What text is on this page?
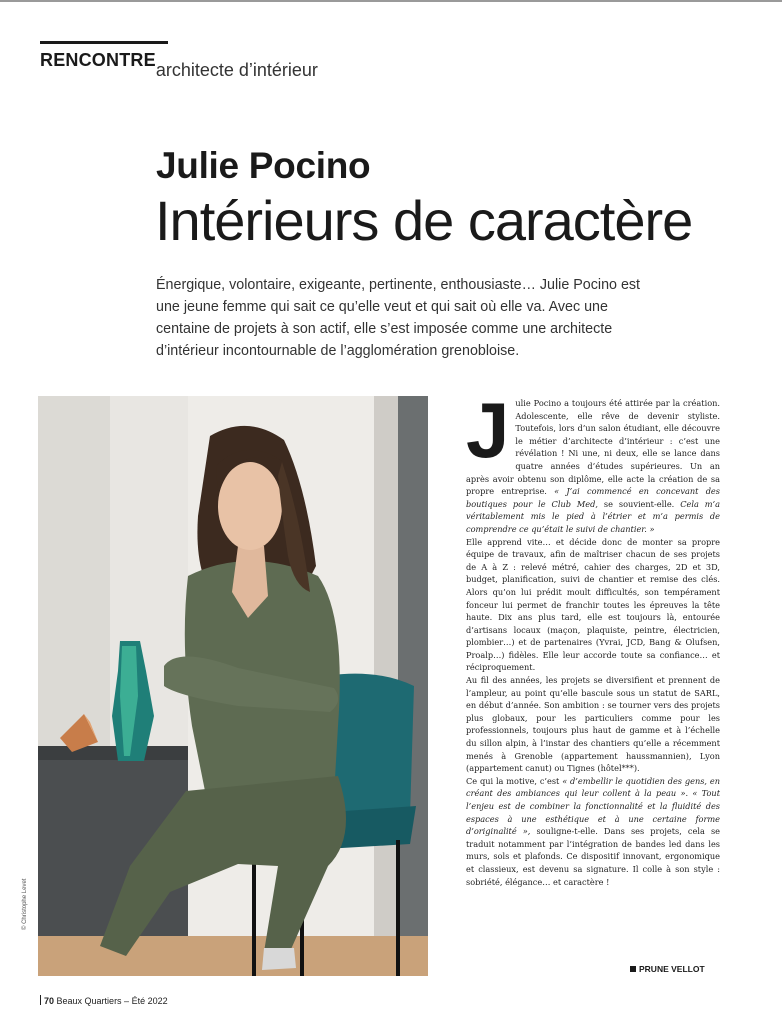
RENCONTREarchitecte d’intérieur
Julie Pocino
Intérieurs de caractère
Énergique, volontaire, exigeante, pertinente, enthousiaste… Julie Pocino est une jeune femme qui sait ce qu’elle veut et qui sait où elle va. Avec une centaine de projets à son actif, elle s’est imposée comme une architecte d’intérieur incontournable de l’agglomération grenobloise.
© Christophe Levet

Julie Pocino a toujours été attirée par la création. Adolescente, elle rêve de devenir styliste. Toutefois, lors d’un salon étudiant, elle découvre le métier d’architecte d’intérieur : c’est une révélation ! Ni une, ni deux, elle se lance dans quatre années d’études supérieures. Un an après avoir obtenu son diplôme, elle acte la création de sa propre entreprise. « J’ai commencé en concevant des boutiques pour le Club Med, se souvient-elle. Cela m’a véritablement mis le pied à l’étrier et m’a permis de comprendre ce qu’était le suivi de chantier. »

Elle apprend vite… et décide donc de monter sa propre équipe de travaux, afin de maîtriser chacun de ses projets de A à Z : relevé métré, cahier des charges, 2D et 3D, budget, planification, suivi de chantier et remise des clés. Alors qu’on lui prédit moult difficultés, son tempérament fonceur lui permet de franchir toutes les épreuves la tête haute. Dix ans plus tard, elle est toujours là, entourée d’artisans locaux (maçon, plaquiste, peintre, électricien, plombier…) et de partenaires (Yvrai, JCD, Bang & Olufsen, Proalp…) fidèles. Elle leur accorde toute sa confiance… et réciproquement.

Au fil des années, les projets se diversifient et prennent de l’ampleur, au point qu’elle bascule sous un statut de SARL, en début d’année. Son ambition : se tourner vers des projets plus globaux, pour les particuliers comme pour les professionnels, toujours plus haut de gamme et à l’échelle du sillon alpin, à l’instar des chantiers qu’elle a récemment menés à Grenoble (appartement haussmannien), Lyon (appartement canut) ou Tignes (hôtel***).

Ce qui la motive, c’est « d’embellir le quotidien des gens, en créant des ambiances qui leur collent à la peau ». « Tout l’enjeu est de combiner la fonctionnalité et la fluidité des espaces à une esthétique et à une certaine forme d’originalité », souligne-t-elle. Dans ses projets, cela se traduit notamment par l’intégration de bandes led dans les murs, sols et plafonds. Ce dispositif innovant, ergonomique et classieux, est devenu sa signature. Il colle à son style : sobriété, élégance… et caractère !

PRUNE VELLOT
70 Beaux Quartiers – Été 2022
